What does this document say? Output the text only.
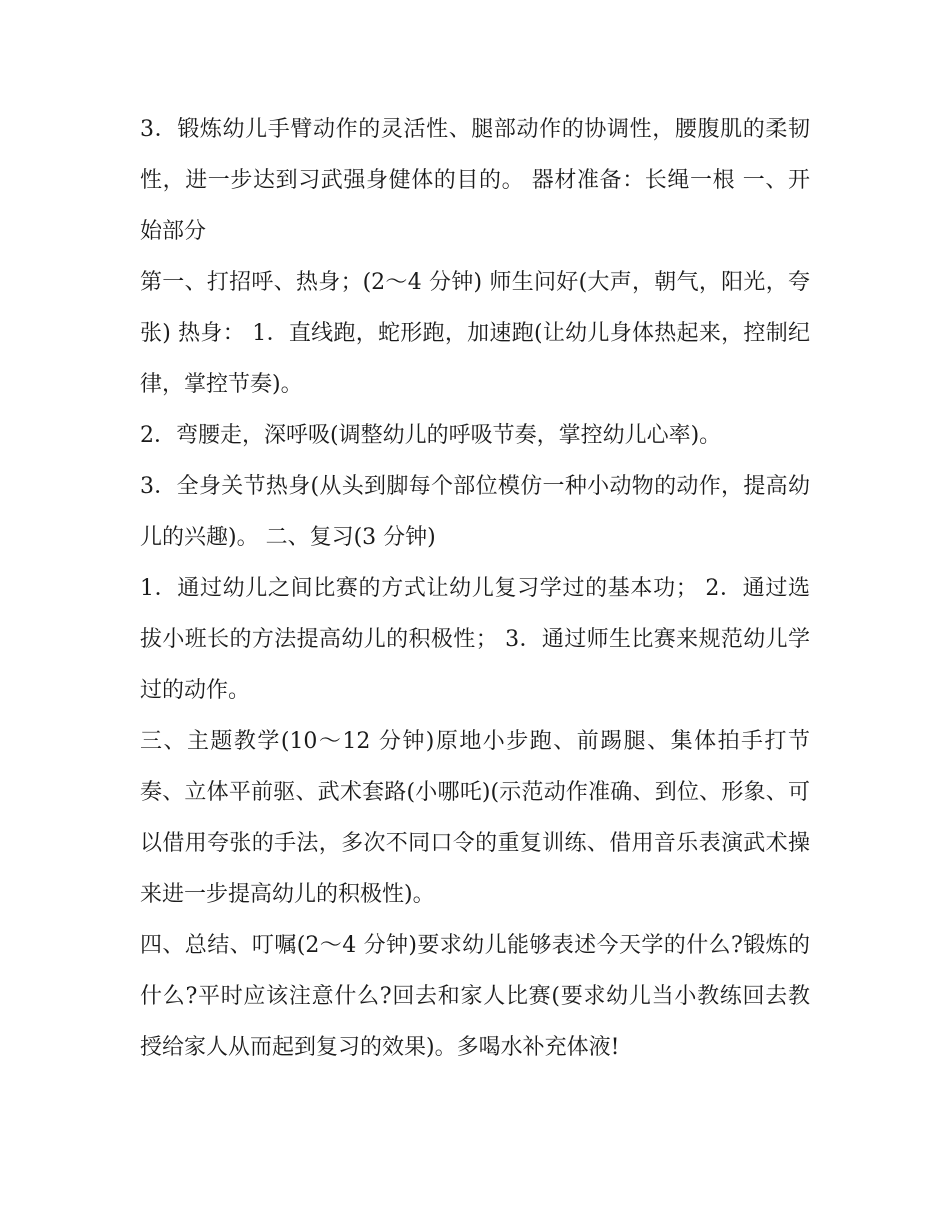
3．锻炼幼儿手臂动作的灵活性、腿部动作的协调性，腰腹肌的柔韧性，进一步达到习武强身健体的目的。 器材准备：长绳一根 一、开始部分

第一、打招呼、热身；(2～4 分钟) 师生问好(大声，朝气，阳光，夸张) 热身： 1．直线跑，蛇形跑，加速跑(让幼儿身体热起来，控制纪律，掌控节奏)。

2．弯腰走，深呼吸(调整幼儿的呼吸节奏，掌控幼儿心率)。

3．全身关节热身(从头到脚每个部位模仿一种小动物的动作，提高幼儿的兴趣)。 二、复习(3 分钟)

1．通过幼儿之间比赛的方式让幼儿复习学过的基本功； 2．通过选拔小班长的方法提高幼儿的积极性； 3．通过师生比赛来规范幼儿学过的动作。

三、主题教学(10～12 分钟)原地小步跑、前踢腿、集体拍手打节奏、立体平前驱、武术套路(小哪吒)(示范动作准确、到位、形象、可以借用夸张的手法，多次不同口令的重复训练、借用音乐表演武术操来进一步提高幼儿的积极性)。

四、总结、叮嘱(2～4 分钟)要求幼儿能够表述今天学的什么?锻炼的什么?平时应该注意什么?回去和家人比赛(要求幼儿当小教练回去教授给家人从而起到复习的效果)。多喝水补充体液!
